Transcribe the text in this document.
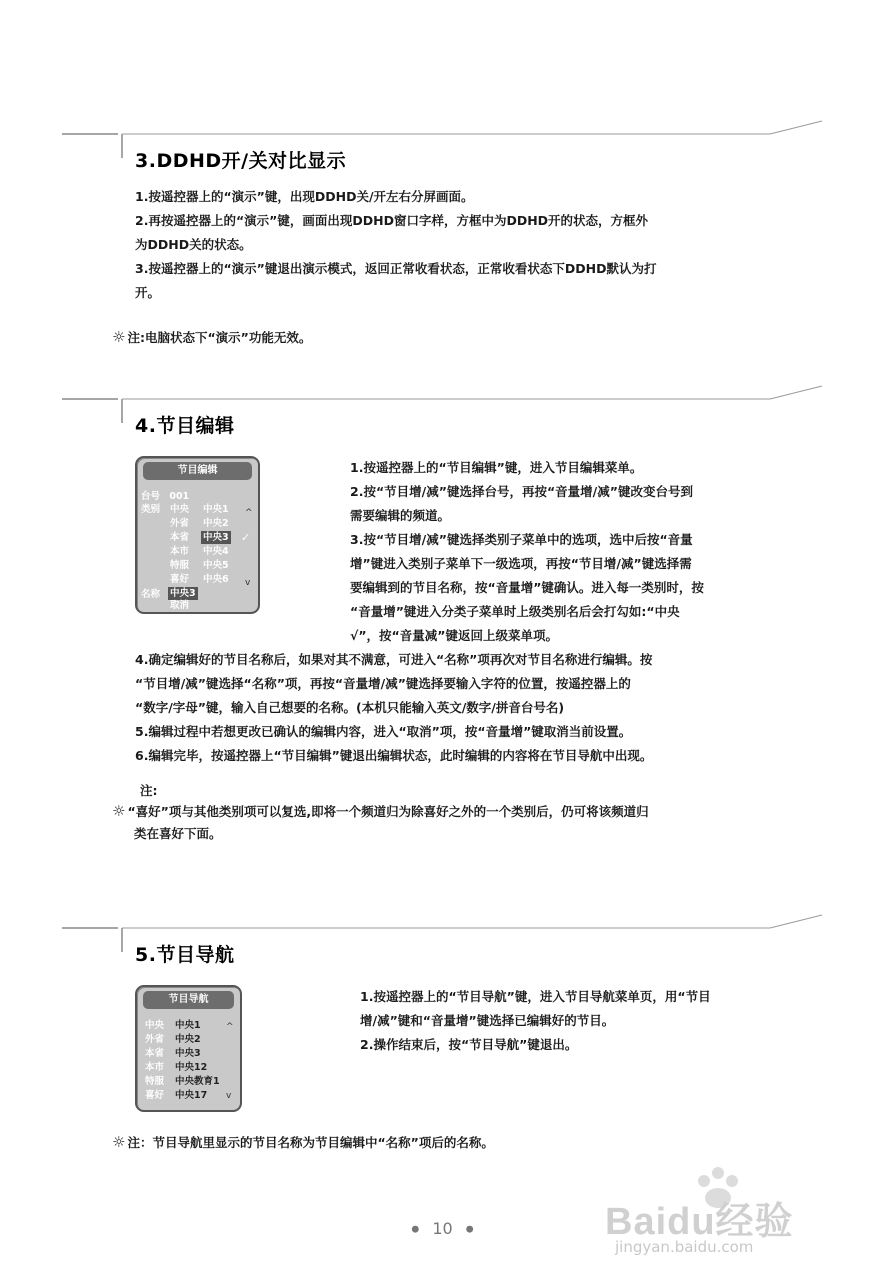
3.DDHD开/关对比显示

1.按遥控器上的“演示”键，出现DDHD关/开左右分屏画面。

2.再按遥控器上的“演示”键，画面出现DDHD窗口字样，方框中为DDHD开的状态，方框外

为DDHD关的状态。

3.按遥控器上的“演示”键退出演示模式，返回正常收看状态，正常收看状态下DDHD默认为打

开。

☼ 注:电脑状态下“演示”功能无效。
4.节目编辑
节目编辑
台号 001
类别 中央
外省
本省
本市
特服
喜好
中央1
中央2
中央3
中央4
中央5
中央6
^
✓
v
名称 中央3
取消

1.按遥控器上的“节目编辑”键，进入节目编辑菜单。

2.按“节目增/减”键选择台号，再按“音量增/减”键改变台号到

需要编辑的频道。

3.按“节目增/减”键选择类别子菜单中的选项，选中后按“音量

增”键进入类别子菜单下一级选项，再按“节目增/减”键选择需

要编辑到的节目名称，按“音量增”键确认。进入每一类别时，按

“音量增”键进入分类子菜单时上级类别名后会打勾如:“中央

√”，按“音量减”键返回上级菜单项。

4.确定编辑好的节目名称后，如果对其不满意，可进入“名称”项再次对节目名称进行编辑。按

“节目增/减”键选择“名称”项，再按“音量增/减”键选择要输入字符的位置，按遥控器上的

“数字/字母”键，输入自己想要的名称。(本机只能输入英文/数字/拼音台号名)

5.编辑过程中若想更改已确认的编辑内容，进入“取消”项，按“音量增”键取消当前设置。

6.编辑完毕，按遥控器上“节目编辑”键退出编辑状态，此时编辑的内容将在节目导航中出现。

注:
☼ “喜好”项与其他类别项可以复选,即将一个频道归为除喜好之外的一个类别后，仍可将该频道归
类在喜好下面。
5.节目导航
节目导航
中央 中央1
外省 中央2
本省 中央3
本市 中央12
特服 中央教育1
喜好 中央17
^
v

1.按遥控器上的“节目导航”键，进入节目导航菜单页，用“节目

增/减”键和“音量增”键选择已编辑好的节目。

2.操作结束后，按“节目导航”键退出。

☼ 注：节目导航里显示的节目名称为节目编辑中“名称”项后的名称。
● 10 ●	Baidu经验
jingyan.baidu.com
